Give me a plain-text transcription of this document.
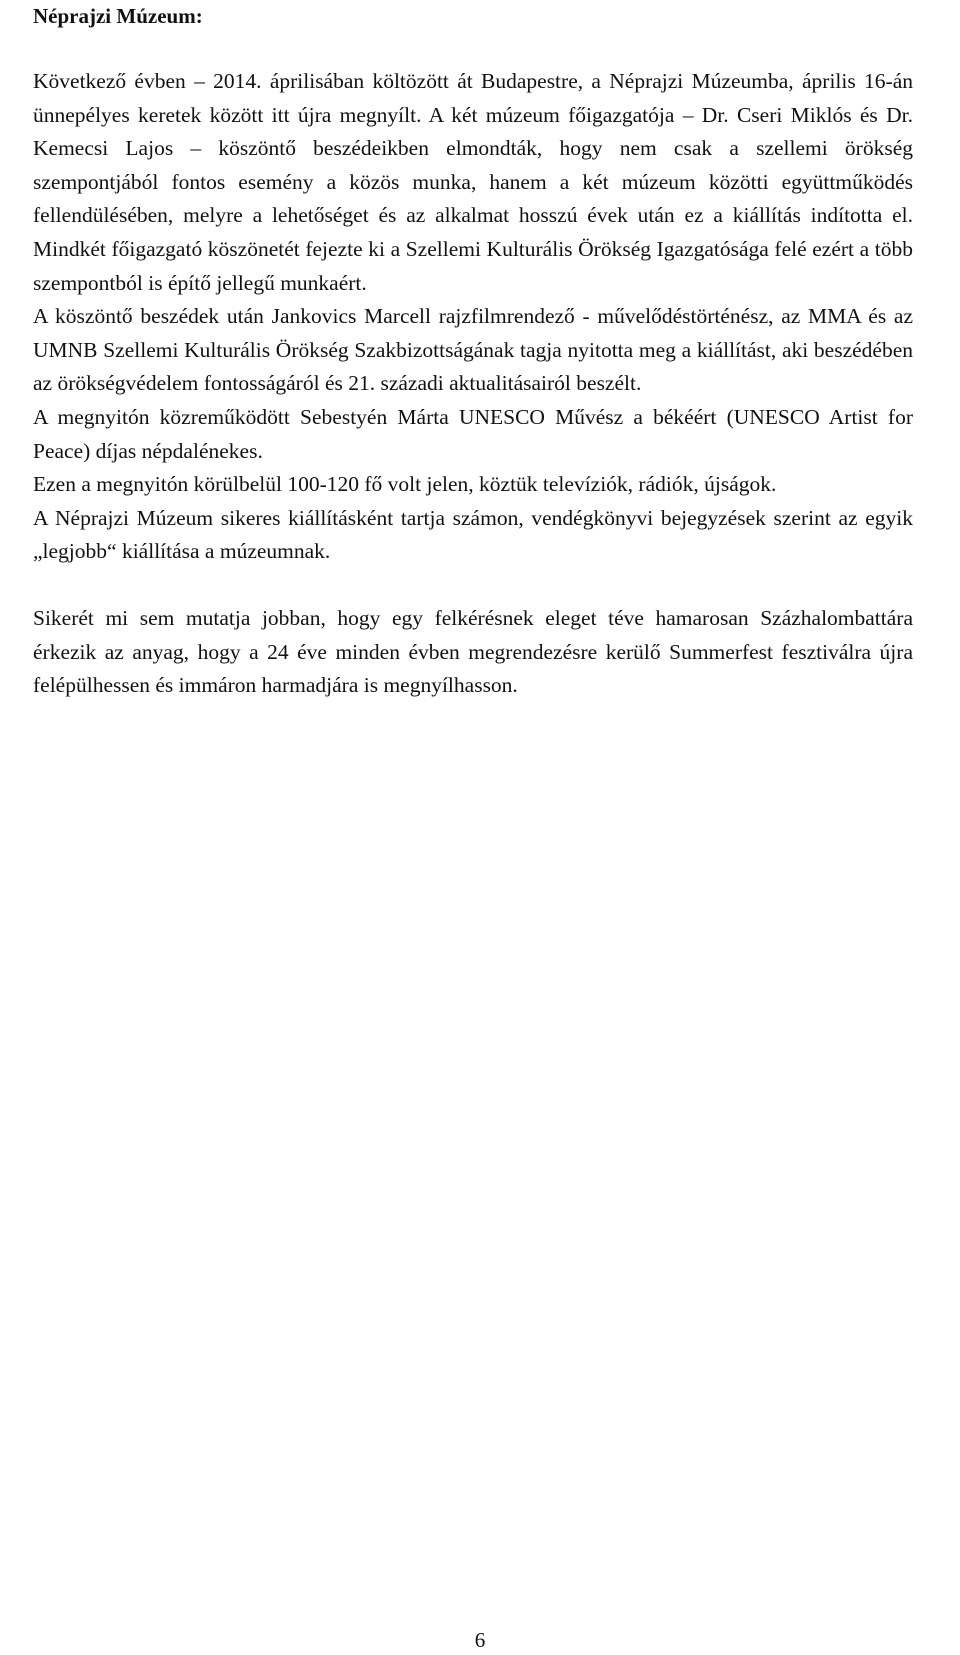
Néprajzi Múzeum:

Következő évben – 2014. áprilisában költözött át Budapestre, a Néprajzi Múzeumba, április 16-án ünnepélyes keretek között itt újra megnyílt. A két múzeum főigazgatója – Dr. Cseri Miklós és Dr. Kemecsi Lajos – köszöntő beszédeikben elmondták, hogy nem csak a szellemi örökség szempontjából fontos esemény a közös munka, hanem a két múzeum közötti együttműködés fellendülésében, melyre a lehetőséget és az alkalmat hosszú évek után ez a kiállítás indította el. Mindkét főigazgató köszönetét fejezte ki a Szellemi Kulturális Örökség Igazgatósága felé ezért a több szempontból is építő jellegű munkaért.

A köszöntő beszédek után Jankovics Marcell rajzfilmrendező - művelődéstörténész, az MMA és az UMNB Szellemi Kulturális Örökség Szakbizottságának tagja nyitotta meg a kiállítást, aki beszédében az örökségvédelem fontosságáról és 21. századi aktualitásairól beszélt.

A megnyitón közreműködött Sebestyén Márta UNESCO Művész a békéért (UNESCO Artist for Peace) díjas népdalénekes.

Ezen a megnyitón körülbelül 100-120 fő volt jelen, köztük televíziók, rádiók, újságok.

A Néprajzi Múzeum sikeres kiállításként tartja számon, vendégkönyvi bejegyzések szerint az egyik „legjobb“ kiállítása a múzeumnak.

Sikerét mi sem mutatja jobban, hogy egy felkérésnek eleget téve hamarosan Százhalombattára érkezik az anyag, hogy a 24 éve minden évben megrendezésre kerülő Summerfest fesztiválra újra felépülhessen és immáron harmadjára is megnyílhasson.

6
